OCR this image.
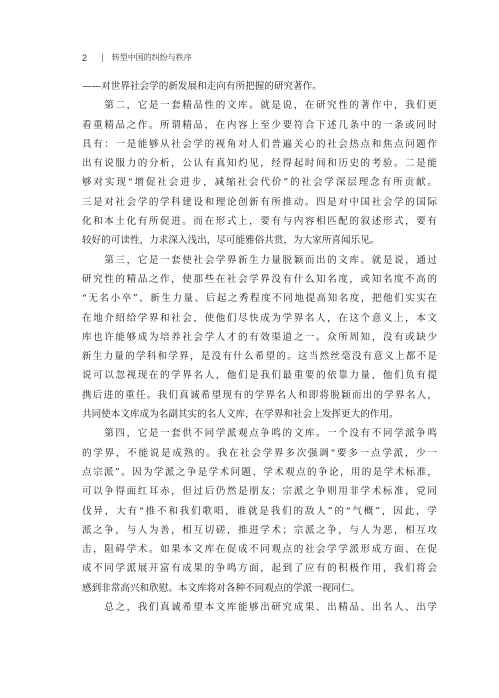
2 | 转型中国的纠纷与秩序
——对世界社会学的新发展和走向有所把握的研究著作。
　　第二，它是一套精品性的文库。就是说，在研究性的著作中，我们更
看重精品之作。所谓精品，在内容上至少要符合下述几条中的一条或同时
具有：一是能够从社会学的视角对人们普遍关心的社会热点和焦点问题作
出有说服力的分析，公认有真知灼见，经得起时间和历史的考验。二是能
够对实现“增促社会进步，减缩社会代价”的社会学深层理念有所贡献。
三是对社会学的学科建设和理论创新有所推动。四是对中国社会学的国际
化和本土化有所促进。而在形式上，要有与内容相匹配的叙述形式，要有
较好的可读性，力求深入浅出，尽可能雅俗共赏，为大家所喜闻乐见。
　　第三，它是一套使社会学界新生力量脱颖而出的文库。就是说，通过
研究性的精品之作，使那些在社会学界没有什么知名度，或知名度不高的
“无名小卒”、新生力量、后起之秀程度不同地提高知名度，把他们实实在
在地介绍给学界和社会，使他们尽快成为学界名人，在这个意义上，本文
库也许能够成为培养社会学人才的有效渠道之一。众所周知，没有或缺少
新生力量的学科和学界，是没有什么希望的。这当然丝毫没有意义上都不是
说可以忽视现在的学界名人，他们是我们最重要的依靠力量，他们负有提
携后进的重任。我们真诚希望现有的学界名人和即将脱颖而出的学界名人，
共同使本文库成为名副其实的名人文库，在学界和社会上发挥更大的作用。
　　第四，它是一套供不同学派观点争鸣的文库。一个没有不同学派争鸣
的学界，不能说是成熟的。我在社会学界多次强调“要多一点学派，少一
点宗派”。因为学派之争是学术问题、学术观点的争论，用的是学术标准，
可以争得面红耳赤，但过后仍然是朋友；宗派之争则用非学术标准，党同
伐异，大有“推不和我们歌唱，谁就是我们的敌人”的“气概”，因此，学
派之争，与人为善，相互切磋，推进学术；宗派之争，与人为恶，相互攻
击，阻碍学术。如果本文库在促成不同观点的社会学学派形成方面、在促
成不同学派展开富有成果的争鸣方面，起到了应有的积极作用，我们将会
感到非常高兴和欣慰。本文库将对各种不同观点的学派一视同仁。
　　总之，我们真诚希望本文库能够出研究成果、出精品、出名人、出学
